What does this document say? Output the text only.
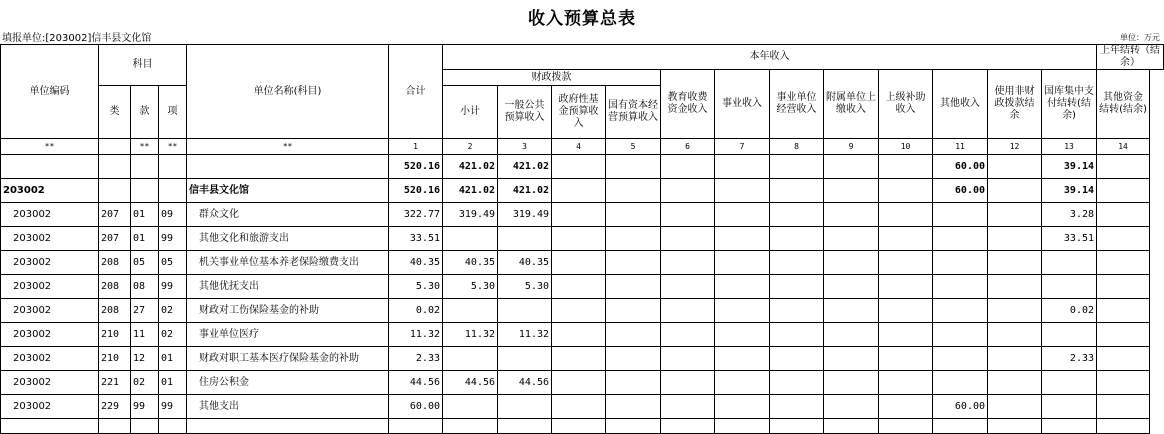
收入预算总表
填报单位:[203002]信丰县文化馆	单位：万元
单位编码	科目			单位名称(科目)	合计	本年收入												上年结转（结余）
						财政拨款				教育收费资金收入	事业收入	事业单位经营收入	附属单位上缴收入	上级补助收入	其他收入	使用非财政拨款结余	国库集中支付结转(结余)	其他资金结转(结余)
	类	款	项			小计	一般公共预算收入	政府性基金预算收入	国有资本经营预算收入									
**		**	**	**	1	2	3	4	5	6	7	8	9	10	11	12	13	14
					520.16	421.02	421.02								60.00		39.14	
203002				信丰县文化馆	520.16	421.02	421.02								60.00		39.14	
203002	207	01	09	群众文化	322.77	319.49	319.49										3.28	
203002	207	01	99	其他文化和旅游支出	33.51												33.51	
203002	208	05	05	机关事业单位基本养老保险缴费支出	40.35	40.35	40.35											
203002	208	08	99	其他优抚支出	5.30	5.30	5.30											
203002	208	27	02	财政对工伤保险基金的补助	0.02												0.02	
203002	210	11	02	事业单位医疗	11.32	11.32	11.32											
203002	210	12	01	财政对职工基本医疗保险基金的补助	2.33												2.33	
203002	221	02	01	住房公积金	44.56	44.56	44.56											
203002	229	99	99	其他支出	60.00										60.00			
